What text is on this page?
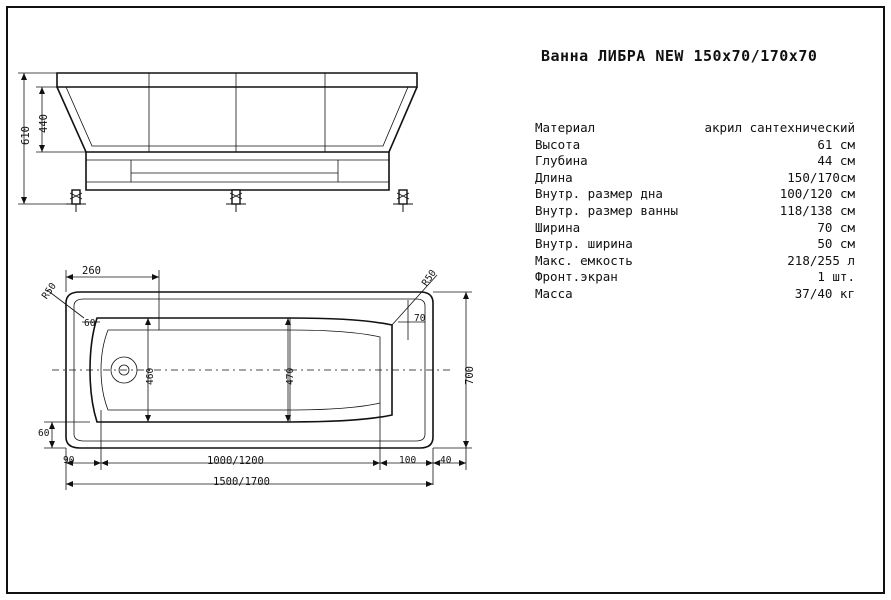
Ванна ЛИБРА NEW 150x70/170x70
Материал	акрил сантехнический
Высота	61 см
Глубина	44 см
Длина	150/170см
Внутр. размер дна	100/120 см
Внутр. размер ванны	118/138 см
Ширина	70 см
Внутр. ширина	50 см
Макс. емкость	218/255 л
Фронт.экран	1 шт.
Масса	37/40 кг
610
440
260
R50
R50
60	70
460	470	700
60
90	1000/1200	100	40
1500/1700
